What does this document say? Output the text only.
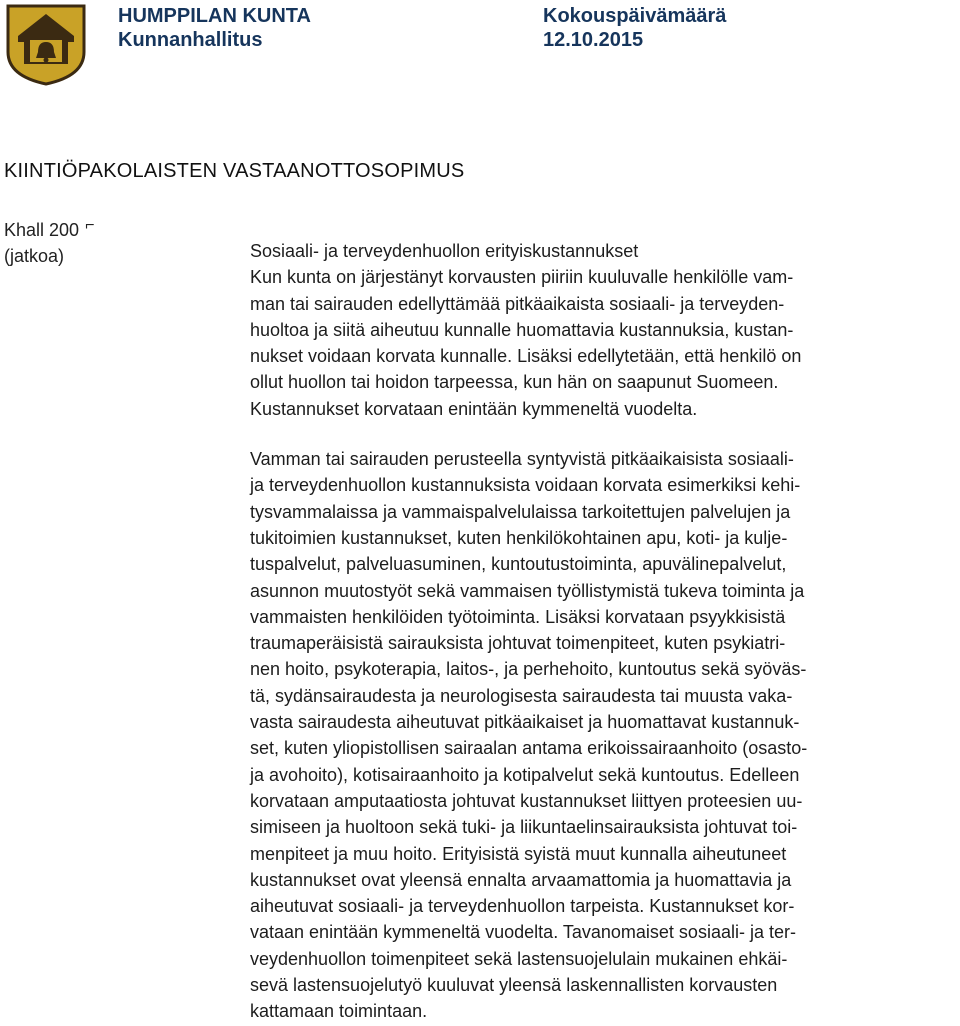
HUMPPILAN KUNTA
Kunnanhallitus
Kokouspäivämäärä
12.10.2015
KIINTIÖPAKOLAISTEN VASTAANOTTOSOPIMUS
Khall 200 ⌐
(jatkoa)	Sosiaali- ja terveydenhuollon erityiskustannukset

Kun kunta on järjestänyt korvausten piiriin kuuluvalle henkilölle vam-
man tai sairauden edellyttämää pitkäaikaista sosiaali- ja terveyden-
huoltoa ja siitä aiheutuu kunnalle huomattavia kustannuksia, kustan-
nukset voidaan korvata kunnalle. Lisäksi edellytetään, että henkilö on
ollut huollon tai hoidon tarpeessa, kun hän on saapunut Suomeen.
Kustannukset korvataan enintään kymmeneltä vuodelta.

Vamman tai sairauden perusteella syntyvistä pitkäaikaisista sosiaali-
ja terveydenhuollon kustannuksista voidaan korvata esimerkiksi kehi-
tysvammalaissa ja vammaispalvelulaissa tarkoitettujen palvelujen ja
tukitoimien kustannukset, kuten henkilökohtainen apu, koti- ja kulje-
tuspalvelut, palveluasuminen, kuntoutustoiminta, apuvälinepalvelut,
asunnon muutostyöt sekä vammaisen työllistymistä tukeva toiminta ja
vammaisten henkilöiden työtoiminta. Lisäksi korvataan psyykkisistä
traumaperäisistä sairauksista johtuvat toimenpiteet, kuten psykiatri-
nen hoito, psykoterapia, laitos-, ja perhehoito, kuntoutus sekä syöväs-
tä, sydänsairaudesta ja neurologisesta sairaudesta tai muusta vaka-
vasta sairaudesta aiheutuvat pitkäaikaiset ja huomattavat kustannuk-
set, kuten yliopistollisen sairaalan antama erikoissairaanhoito (osasto-
ja avohoito), kotisairaanhoito ja kotipalvelut sekä kuntoutus. Edelleen
korvataan amputaatiosta johtuvat kustannukset liittyen proteesien uu-
simiseen ja huoltoon sekä tuki- ja liikuntaelinsairauksista johtuvat toi-
menpiteet ja muu hoito. Erityisistä syistä muut kunnalla aiheutuneet
kustannukset ovat yleensä ennalta arvaamattomia ja huomattavia ja
aiheutuvat sosiaali- ja terveydenhuollon tarpeista. Kustannukset kor-
vataan enintään kymmeneltä vuodelta. Tavanomaiset sosiaali- ja ter-
veydenhuollon toimenpiteet sekä lastensuojelulain mukainen ehkäi-
sevä lastensuojelutyö kuuluvat yleensä laskennallisten korvausten
kattamaan toimintaan.
